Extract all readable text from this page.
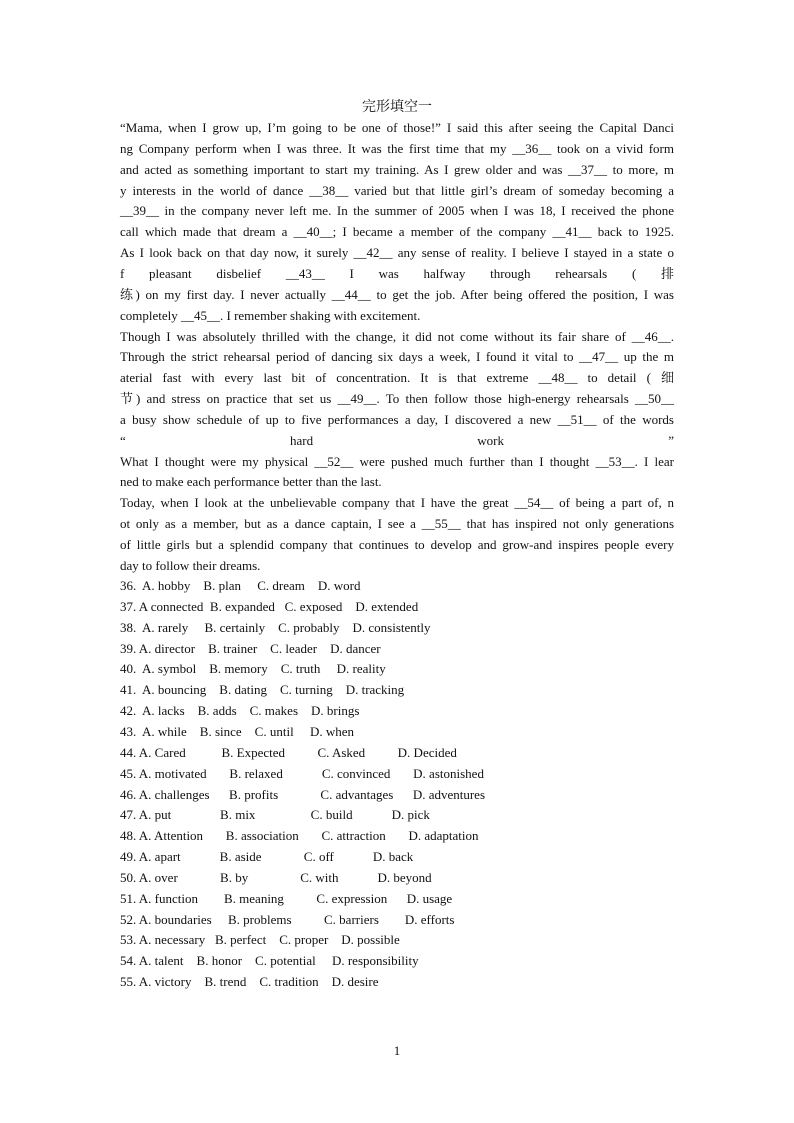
完形填空一
“Mama, when I grow up, I’m going to be one of those!” I said this after seeing the Capital Danci
ng Company perform when I was three. It was the first time that my __36__ took on a vivid form
and acted as something important to start my training. As I grew older and was __37__ to more, m
y interests in the world of dance __38__ varied but that little girl’s dream of someday becoming a
__39__ in the company never left me. In the summer of 2005 when I was 18, I received the phone
call which made that dream a __40__; I became a member of the company __41__ back to 1925.
As I look back on that day now, it surely __42__ any sense of reality. I believe I stayed in a state o
f pleasant disbelief __43__ I was halfway through rehearsals ( 排
练) on my first day. I never actually __44__ to get the job. After being offered the position, I was
completely __45__. I remember shaking with excitement.
Though I was absolutely thrilled with the change, it did not come without its fair share of __46__.
Through the strict rehearsal period of dancing six days a week, I found it vital to __47__ up the m
aterial fast with every last bit of concentration. It is that extreme __48__ to detail ( 细
节) and stress on practice that set us __49__. To then follow those high-energy rehearsals __50__
a busy show schedule of up to five performances a day, I discovered a new __51__ of the words
“ hard work ”
What I thought were my physical __52__ were pushed much further than I thought __53__. I lear
ned to make each performance better than the last.
Today, when I look at the unbelievable company that I have the great __54__ of being a part of, n
ot only as a member, but as a dance captain, I see a __55__ that has inspired not only generations
of little girls but a splendid company that continues to develop and grow-and inspires people every
day to follow their dreams.
36.  A. hobby    B. plan     C. dream    D. word
37. A connected  B. expanded   C. exposed    D. extended
38.  A. rarely     B. certainly    C. probably    D. consistently
39. A. director    B. trainer    C. leader    D. dancer
40.  A. symbol    B. memory    C. truth     D. reality
41.  A. bouncing    B. dating    C. turning    D. tracking
42.  A. lacks    B. adds    C. makes    D. brings
43.  A. while    B. since    C. until     D. when
44. A. Cared           B. Expected          C. Asked          D. Decided
45. A. motivated       B. relaxed            C. convinced       D. astonished
46. A. challenges      B. profits             C. advantages      D. adventures
47. A. put               B. mix                 C. build            D. pick
48. A. Attention       B. association       C. attraction       D. adaptation
49. A. apart            B. aside             C. off            D. back
50. A. over             B. by                C. with            D. beyond
51. A. function        B. meaning          C. expression      D. usage
52. A. boundaries     B. problems          C. barriers        D. efforts
53. A. necessary   B. perfect    C. proper    D. possible
54. A. talent    B. honor    C. potential     D. responsibility
55. A. victory    B. trend    C. tradition    D. desire
1
